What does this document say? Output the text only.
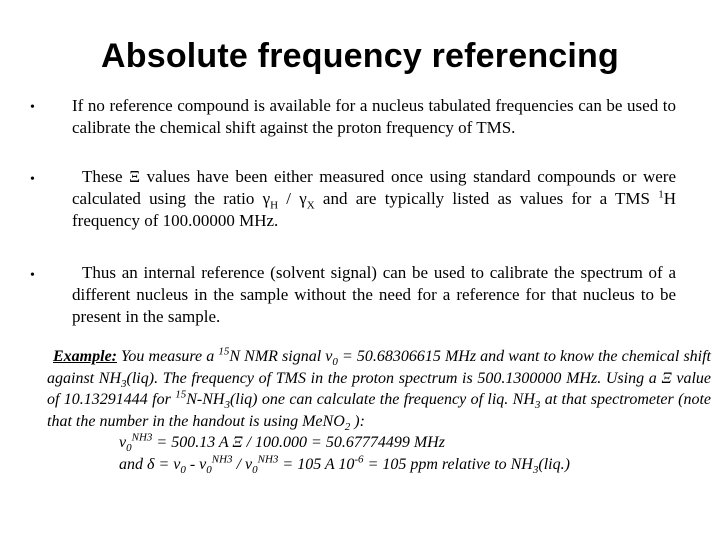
Absolute frequency referencing
• If no reference compound is available for a nucleus tabulated frequencies can be used to calibrate the chemical shift against the proton frequency of TMS.
•	These Ξ values have been either measured once using standard compounds or were calculated using the ratio $\gamma_H / \gamma_X$ and are typically listed as values for a TMS $^1$H frequency of 100.00000 MHz.
•	Thus an internal reference (solvent signal) can be used to calibrate the spectrum of a different nucleus in the sample without the need for a reference for that nucleus to be present in the sample.
Example: You measure a $^{15}$N NMR signal $\nu_0 = 50.68306615$ MHz and want to know the chemical shift against $NH_3(liq)$. The frequency of TMS in the proton spectrum is 500.1300000 MHz. Using a Ξ value of 10.13291444 for $^{15}N-NH_3(liq)$ one can calculate the frequency of liq. $NH_3$ at that spectrometer (note that the number in the handout is using MeNO$_2$ ):
$\nu_0^{NH3} = 500.13$ A Ξ / 100.000 = 50.67774499 MHz
and $\delta = \nu_0 - \nu_0^{NH3} / \nu_0^{NH3} = 105$ A $10^{-6} = 105$ ppm relative to $NH_3(liq.)$
